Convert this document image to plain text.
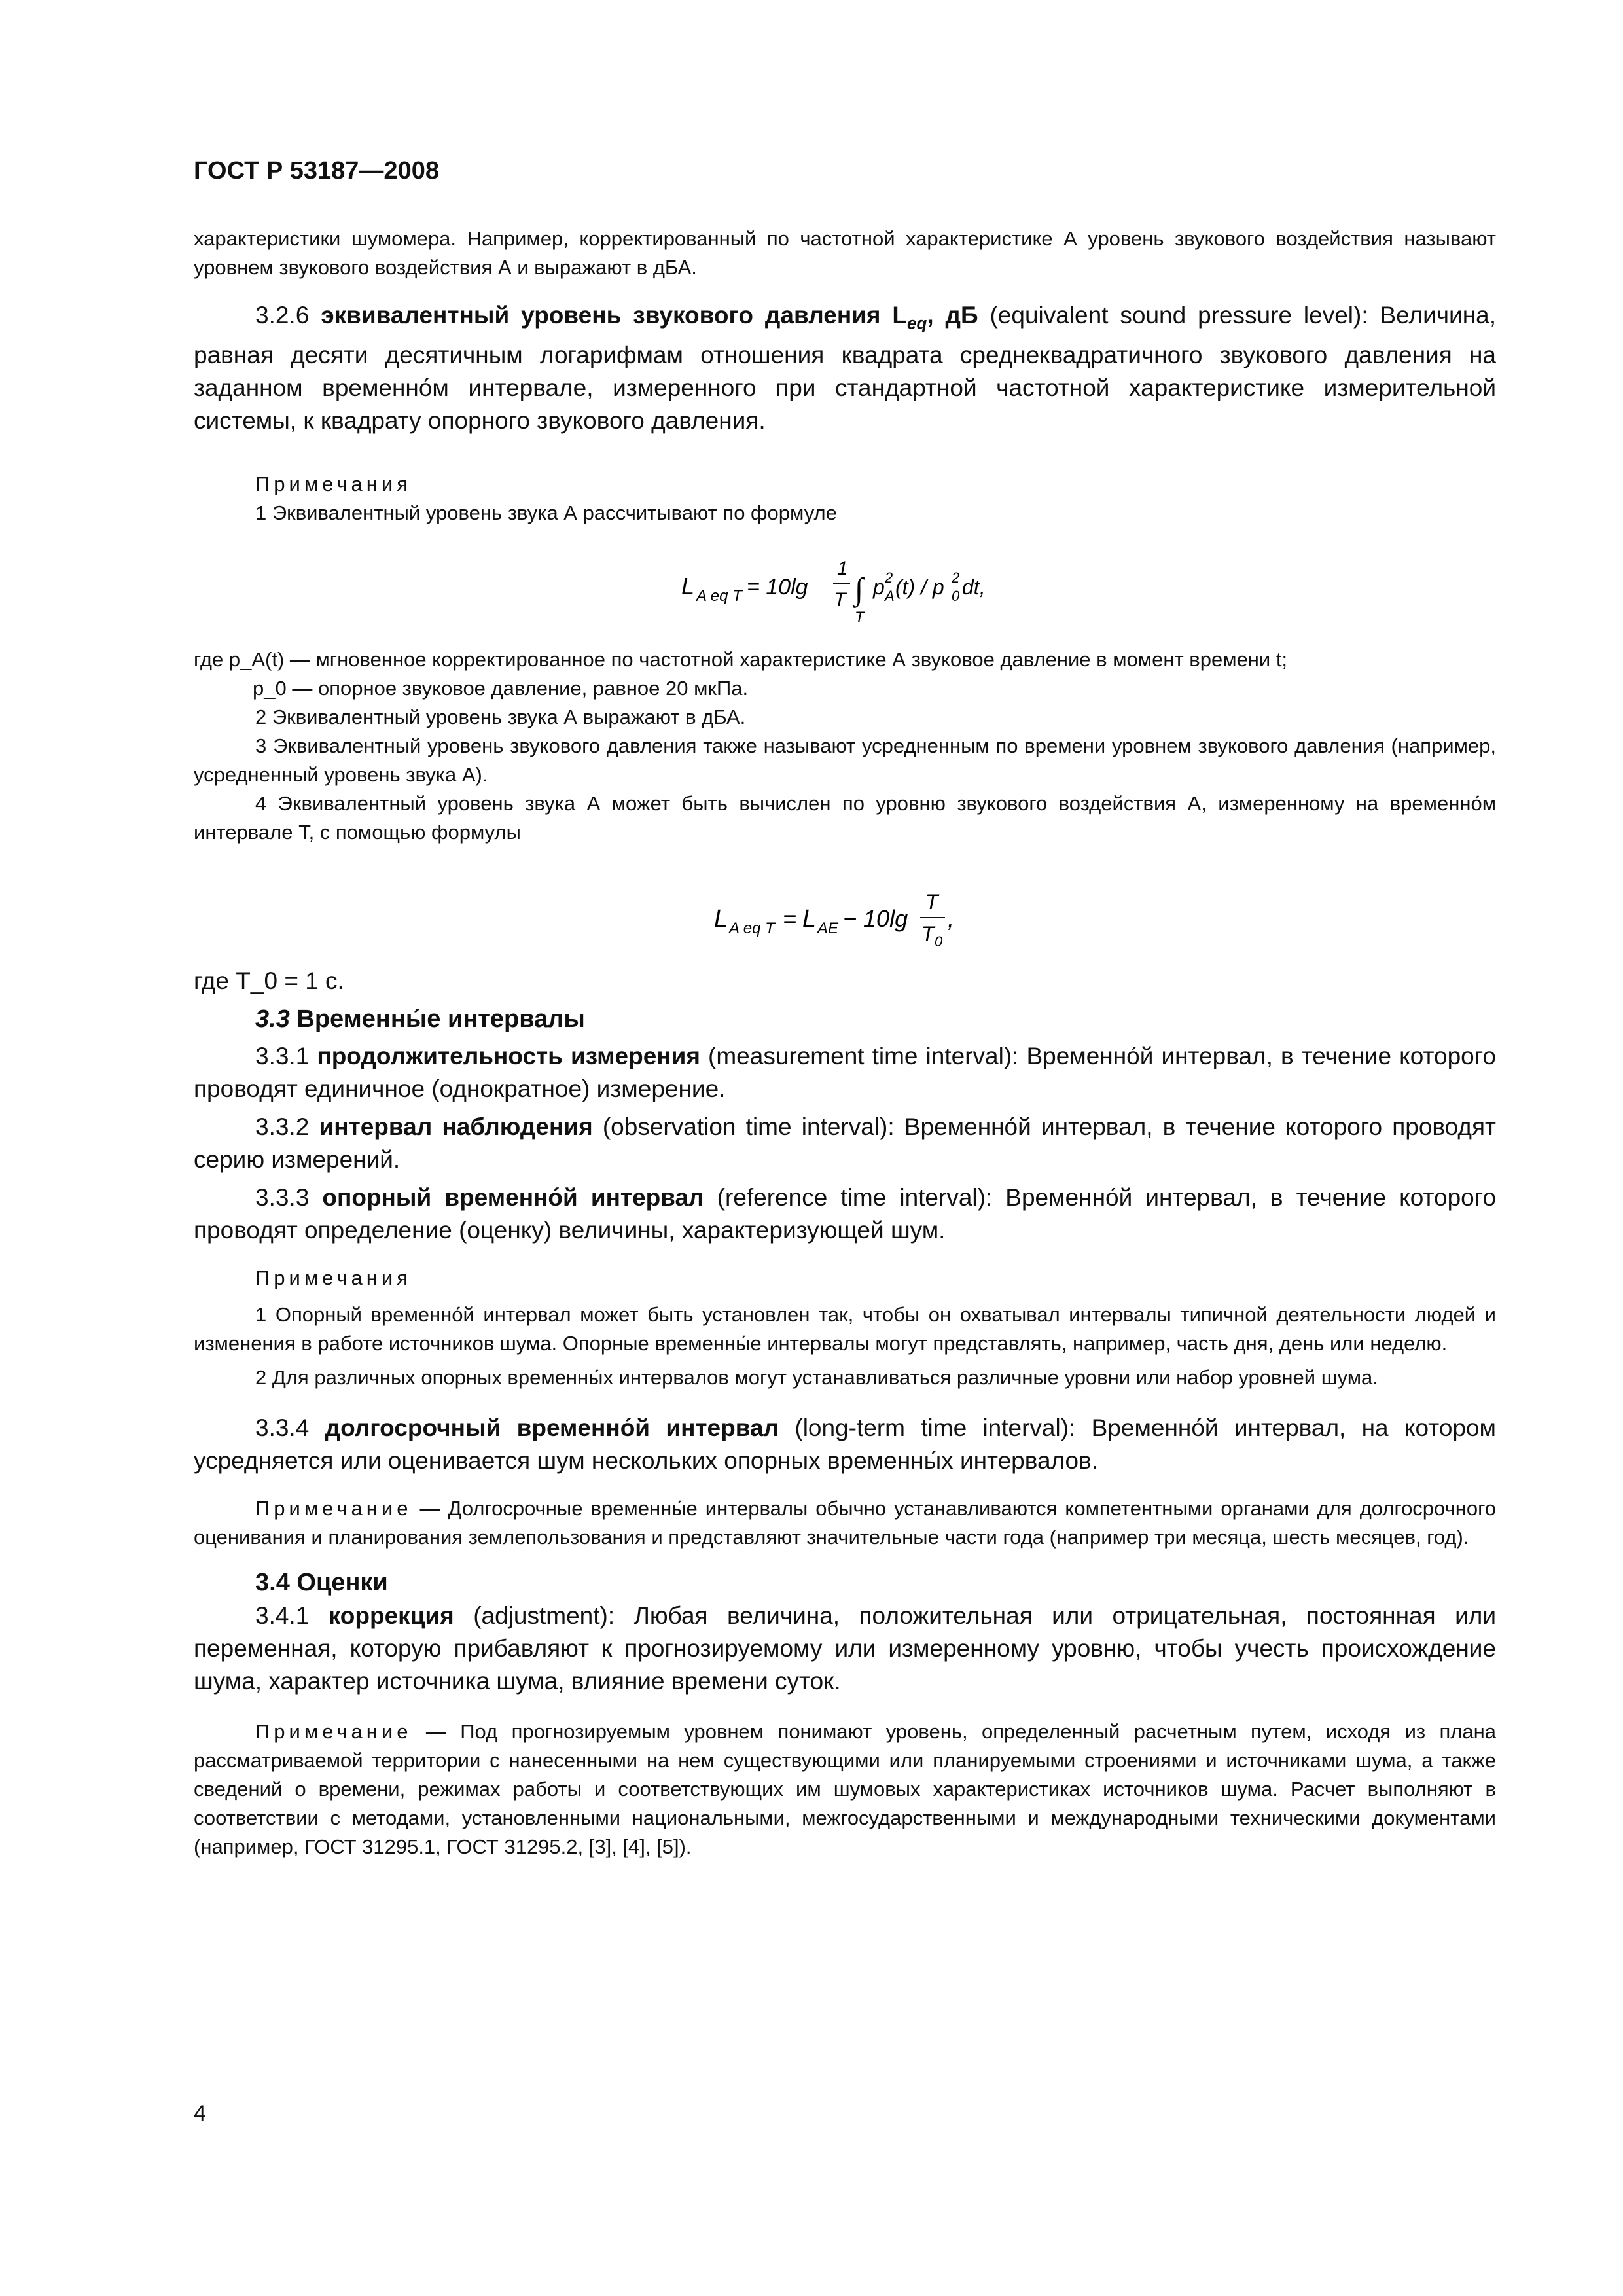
ГОСТ Р 53187—2008

характеристики шумомера. Например, корректированный по частотной характеристике А уровень звукового воздействия называют уровнем звукового воздействия А и выражают в дБА.

3.2.6 эквивалентный уровень звукового давления $L_{eq}$, дБ (equivalent sound pressure level): Величина, равная десяти десятичным логарифмам отношения квадрата среднеквадратичного звукового давления на заданном временно́м интервале, измеренного при стандартной частотной характеристике измерительной системы, к квадрату опорного звукового давления.

Примечания

1 Эквивалентный уровень звука А рассчитывают по формуле

L A eq T = 10lg
1
T ∫
T
p 2
A (t) / p 2
0 dt,

где p_A(t) — мгновенное корректированное по частотной характеристике А звуковое давление в момент времени t;

p_0 — опорное звуковое давление, равное 20 мкПа.

2 Эквивалентный уровень звука А выражают в дБА.

3 Эквивалентный уровень звукового давления также называют усредненным по времени уровнем звукового давления (например, усредненный уровень звука А).

4 Эквивалентный уровень звука А может быть вычислен по уровню звукового воздействия А, измеренному на временно́м интервале Т, с помощью формулы

L A eq T = L AE − 10lg
T
T 0
,

где T_0 = 1 с.

3.3 Временны́е интервалы

3.3.1 продолжительность измерения (measurement time interval): Временно́й интервал, в течение которого проводят единичное (однократное) измерение.

3.3.2 интервал наблюдения (observation time interval): Временно́й интервал, в течение которого проводят серию измерений.

3.3.3 опорный временно́й интервал (reference time interval): Временно́й интервал, в течение которого проводят определение (оценку) величины, характеризующей шум.

Примечания

1 Опорный временно́й интервал может быть установлен так, чтобы он охватывал интервалы типичной деятельности людей и изменения в работе источников шума. Опорные временны́е интервалы могут представлять, например, часть дня, день или неделю.

2 Для различных опорных временны́х интервалов могут устанавливаться различные уровни или набор уровней шума.

3.3.4 долгосрочный временно́й интервал (long-term time interval): Временно́й интервал, на котором усредняется или оценивается шум нескольких опорных временны́х интервалов.

Примечание — Долгосрочные временны́е интервалы обычно устанавливаются компетентными органами для долгосрочного оценивания и планирования землепользования и представляют значительные части года (например три месяца, шесть месяцев, год).

3.4 Оценки

3.4.1 коррекция (adjustment): Любая величина, положительная или отрицательная, постоянная или переменная, которую прибавляют к прогнозируемому или измеренному уровню, чтобы учесть происхождение шума, характер источника шума, влияние времени суток.

Примечание — Под прогнозируемым уровнем понимают уровень, определенный расчетным путем, исходя из плана рассматриваемой территории с нанесенными на нем существующими или планируемыми строениями и источниками шума, а также сведений о времени, режимах работы и соответствующих им шумовых характеристиках источников шума. Расчет выполняют в соответствии с методами, установленными национальными, межгосударственными и международными техническими документами (например, ГОСТ 31295.1, ГОСТ 31295.2, [3], [4], [5]).

4
